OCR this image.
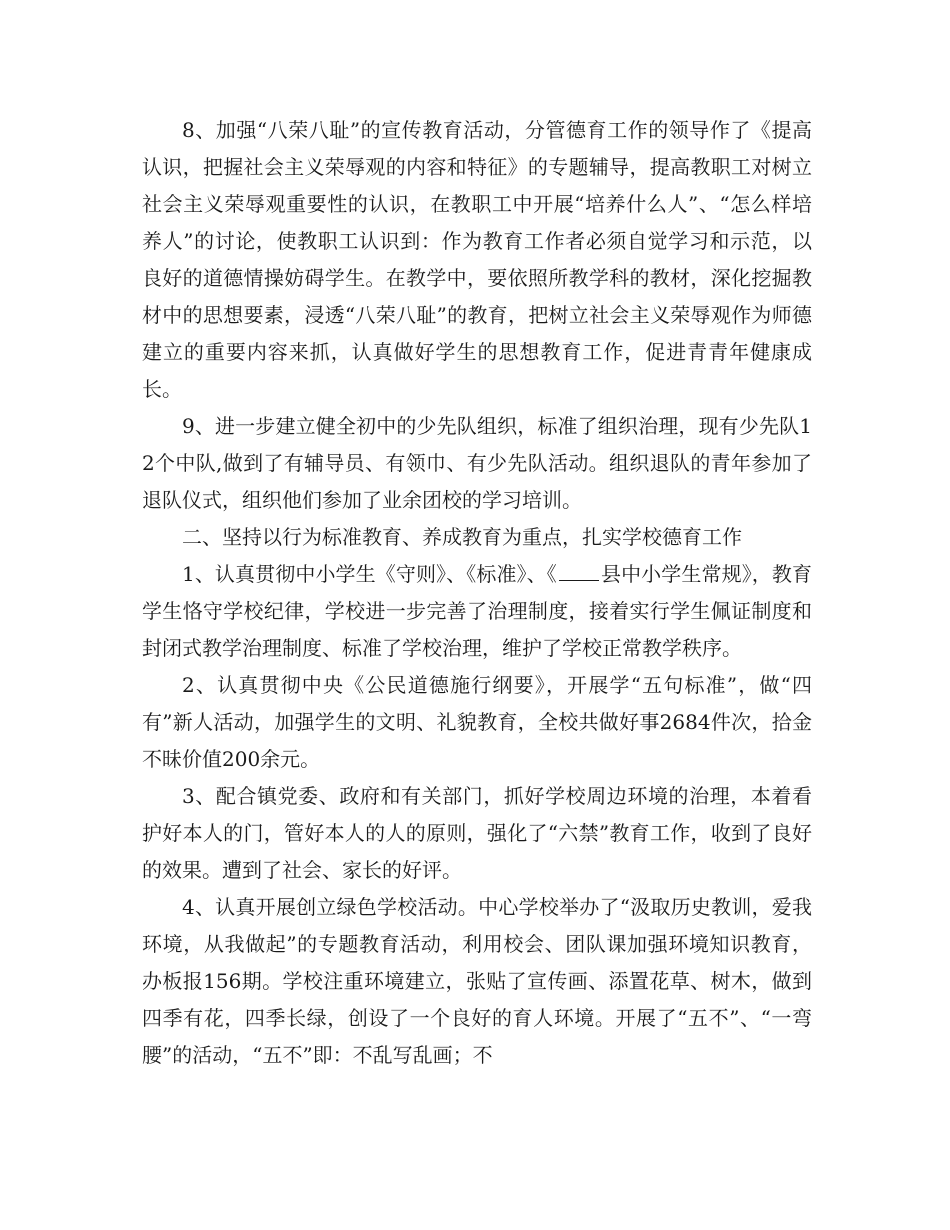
8、加强“八荣八耻”的宣传教育活动，分管德育工作的领导作了《提高认识，把握社会主义荣辱观的内容和特征》的专题辅导，提高教职工对树立社会主义荣辱观重要性的认识，在教职工中开展“培养什么人”、“怎么样培养人”的讨论，使教职工认识到：作为教育工作者必须自觉学习和示范，以良好的道德情操妨碍学生。在教学中，要依照所教学科的教材，深化挖掘教材中的思想要素，浸透“八荣八耻”的教育，把树立社会主义荣辱观作为师德建立的重要内容来抓，认真做好学生的思想教育工作，促进青青年健康成长。

9、进一步建立健全初中的少先队组织，标准了组织治理，现有少先队12个中队,做到了有辅导员、有领巾、有少先队活动。组织退队的青年参加了退队仪式，组织他们参加了业余团校的学习培训。

二、坚持以行为标准教育、养成教育为重点，扎实学校德育工作

1、认真贯彻中小学生《守则》、《标准》、《 县中小学生常规》，教育学生恪守学校纪律，学校进一步完善了治理制度，接着实行学生佩证制度和封闭式教学治理制度、标准了学校治理，维护了学校正常教学秩序。

2、认真贯彻中央《公民道德施行纲要》，开展学“五句标准”，做“四有”新人活动，加强学生的文明、礼貌教育，全校共做好事2684件次，拾金不昧价值200余元。

3、配合镇党委、政府和有关部门，抓好学校周边环境的治理，本着看护好本人的门，管好本人的人的原则，强化了“六禁”教育工作，收到了良好的效果。遭到了社会、家长的好评。

4、认真开展创立绿色学校活动。中心学校举办了“汲取历史教训，爱我环境，从我做起”的专题教育活动，利用校会、团队课加强环境知识教育，办板报156期。学校注重环境建立，张贴了宣传画、添置花草、树木，做到四季有花，四季长绿，创设了一个良好的育人环境。开展了“五不”、“一弯腰”的活动，“五不”即：不乱写乱画；不
